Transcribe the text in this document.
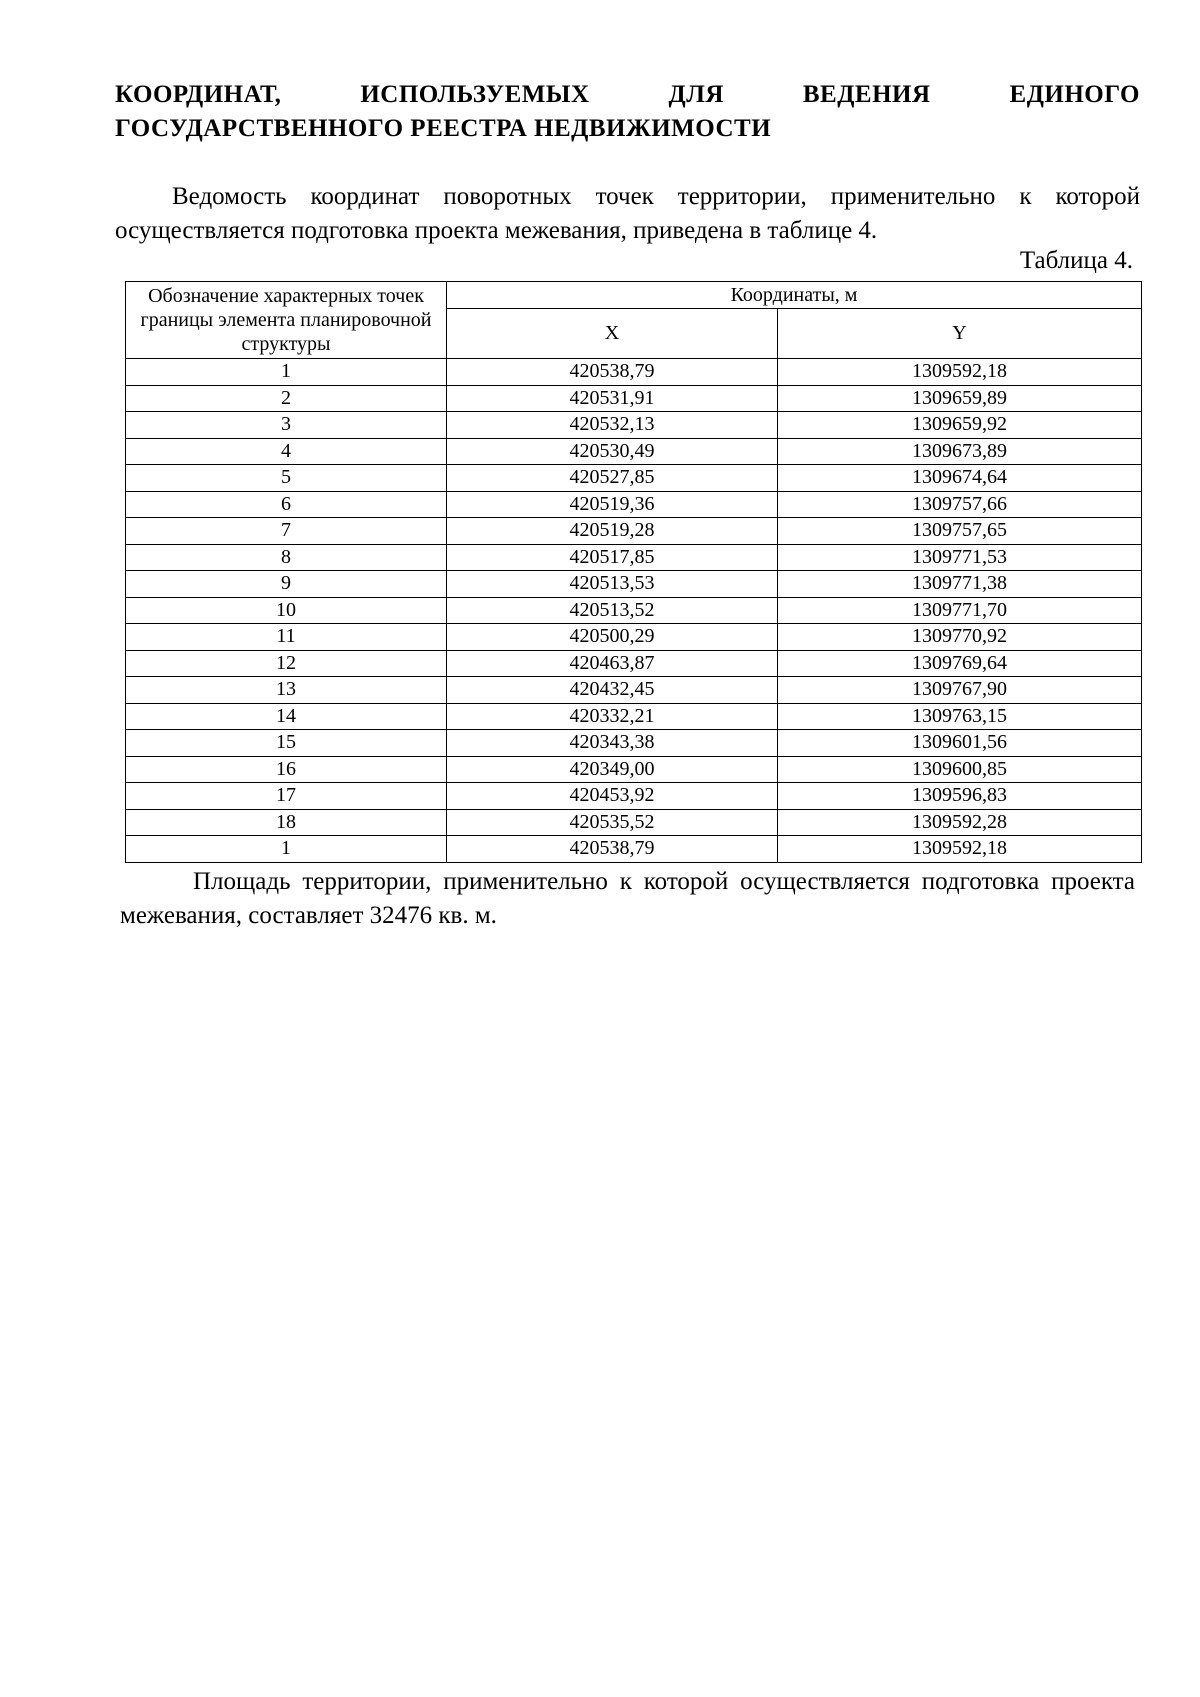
КООРДИНАТ,	ИСПОЛЬЗУЕМЫХ	ДЛЯ	ВЕДЕНИЯ	ЕДИНОГО
ГОСУДАРСТВЕННОГО РЕЕСТРА НЕДВИЖИМОСТИ
Ведомость координат поворотных точек территории, применительно к которой осуществляется подготовка проекта межевания, приведена в таблице 4.
Таблица 4.
Обозначение характерных точек границы элемента планировочной структуры	Координаты, м	
	X	Y
1	420538,79	1309592,18
2	420531,91	1309659,89
3	420532,13	1309659,92
4	420530,49	1309673,89
5	420527,85	1309674,64
6	420519,36	1309757,66
7	420519,28	1309757,65
8	420517,85	1309771,53
9	420513,53	1309771,38
10	420513,52	1309771,70
11	420500,29	1309770,92
12	420463,87	1309769,64
13	420432,45	1309767,90
14	420332,21	1309763,15
15	420343,38	1309601,56
16	420349,00	1309600,85
17	420453,92	1309596,83
18	420535,52	1309592,28
1	420538,79	1309592,18
Площадь территории, применительно к которой осуществляется подготовка проекта межевания, составляет 32476 кв. м.
